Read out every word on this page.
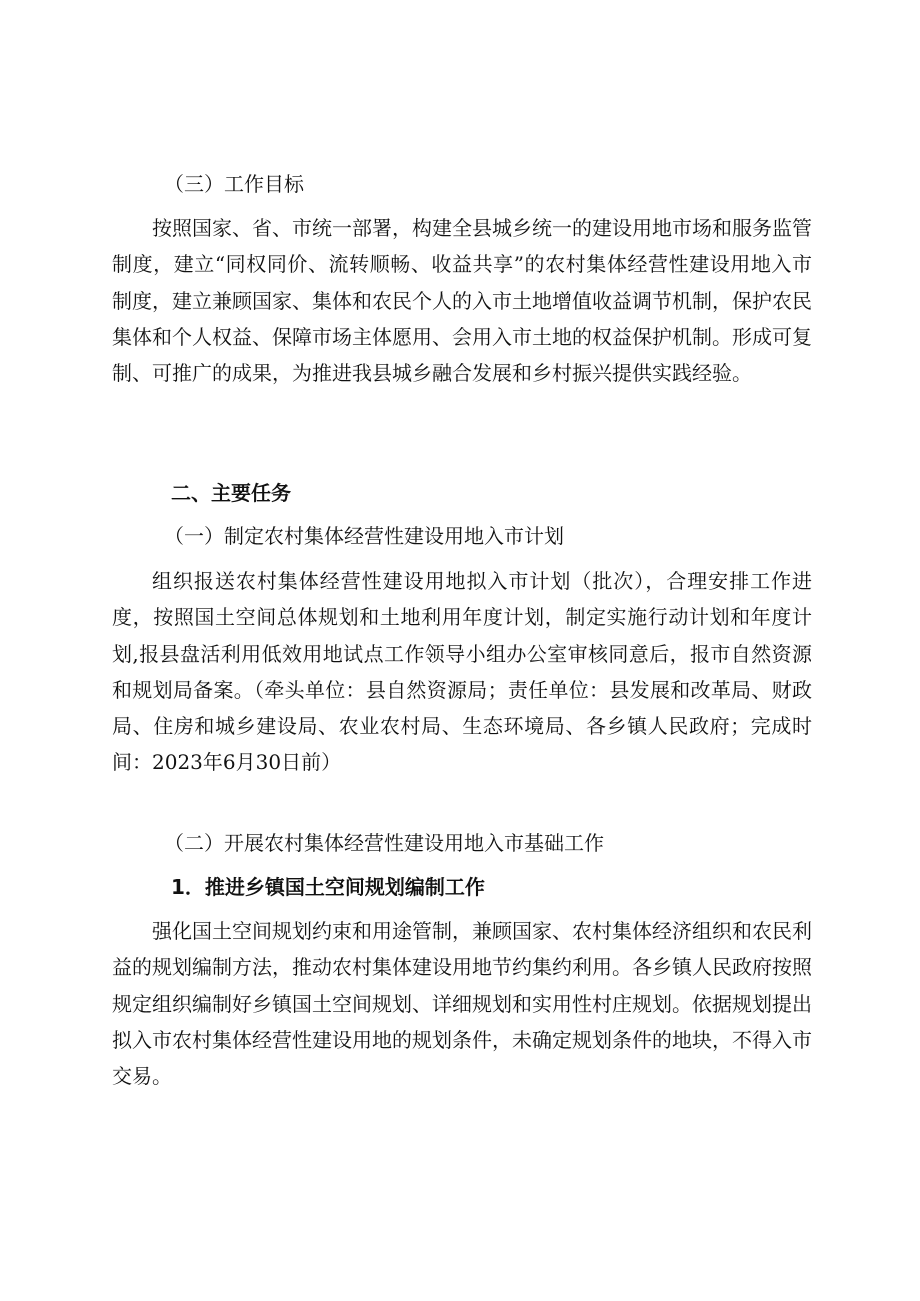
（三）工作目标

按照国家、省、市统一部署，构建全县城乡统一的建设用地市场和服务监管制度，建立“同权同价、流转顺畅、收益共享”的农村集体经营性建设用地入市制度，建立兼顾国家、集体和农民个人的入市土地增值收益调节机制，保护农民集体和个人权益、保障市场主体愿用、会用入市土地的权益保护机制。形成可复制、可推广的成果，为推进我县城乡融合发展和乡村振兴提供实践经验。

二、主要任务

（一）制定农村集体经营性建设用地入市计划

组织报送农村集体经营性建设用地拟入市计划（批次），合理安排工作进度，按照国土空间总体规划和土地利用年度计划，制定实施行动计划和年度计划,报县盘活利用低效用地试点工作领导小组办公室审核同意后，报市自然资源和规划局备案。（牵头单位：县自然资源局；责任单位：县发展和改革局、财政局、住房和城乡建设局、农业农村局、生态环境局、各乡镇人民政府；完成时间：2023年6月30日前）

（二）开展农村集体经营性建设用地入市基础工作

1．推进乡镇国土空间规划编制工作

强化国土空间规划约束和用途管制，兼顾国家、农村集体经济组织和农民利益的规划编制方法，推动农村集体建设用地节约集约利用。各乡镇人民政府按照规定组织编制好乡镇国土空间规划、详细规划和实用性村庄规划。依据规划提出拟入市农村集体经营性建设用地的规划条件，未确定规划条件的地块，不得入市交易。
